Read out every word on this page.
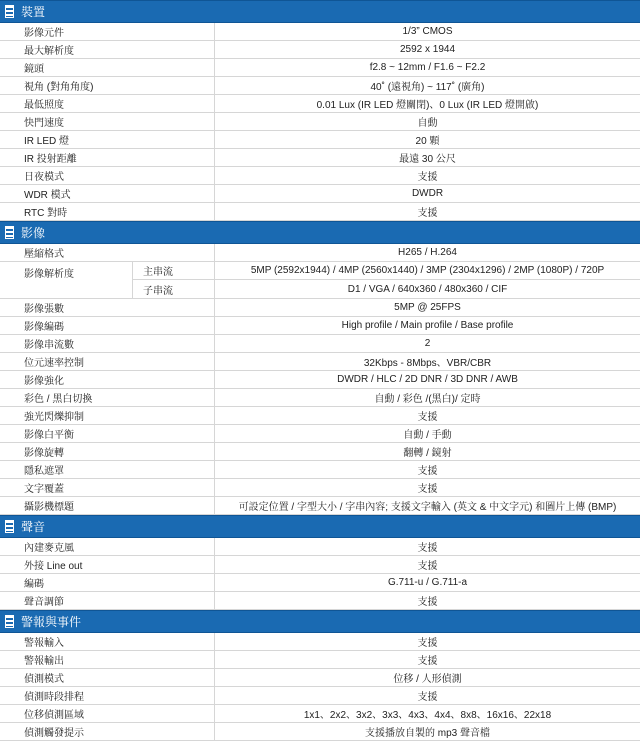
裝置
影像元件	1/3” CMOS
最大解析度	2592 x 1944
鏡頭	f2.8 ~ 12mm / F1.6 ~ F2.2
視角 (對角角度)	40˚ (遠視角) ~ 117˚ (廣角)
最低照度	0.01 Lux (IR LED 燈關閉)、0 Lux (IR LED 燈開啟)
快門速度	自動
IR LED 燈	20 顆
IR 投射距離	最遠 30 公尺
日夜模式	支援
WDR 模式	DWDR
RTC 對時	支援
影像
壓縮格式	H265 / H.264
影像解析度	主串流	5MP (2592x1944) / 4MP (2560x1440) / 3MP (2304x1296) / 2MP (1080P) / 720P
子串流	D1 / VGA / 640x360 / 480x360 / CIF
影像張數	5MP @ 25FPS
影像編碼	High profile / Main profile / Base profile
影像串流數	2
位元速率控制	32Kbps - 8Mbps、VBR/CBR
影像強化	DWDR / HLC / 2D DNR / 3D DNR / AWB
彩色 / 黑白切換	自動 / 彩色 /(黑白)/ 定時
強光閃爍抑制	支援
影像白平衡	自動 / 手動
影像旋轉	翻轉 / 鏡射
隱私遮罩	支援
文字覆蓋	支援
攝影機標題	可設定位置 / 字型大小 / 字串內容; 支援文字輸入 (英文 & 中文字元) 和圖片上傳 (BMP)
聲音
內建麥克風	支援
外接 Line out	支援
編碼	G.711-u / G.711-a
聲音調節	支援
警報與事件
警報輸入	支援
警報輸出	支援
偵測模式	位移 / 人形偵測
偵測時段排程	支援
位移偵測區域	1x1、2x2、3x2、3x3、4x3、4x4、8x8、16x16、22x18
偵測觸發提示	支援播放自製的 mp3 聲音檔
